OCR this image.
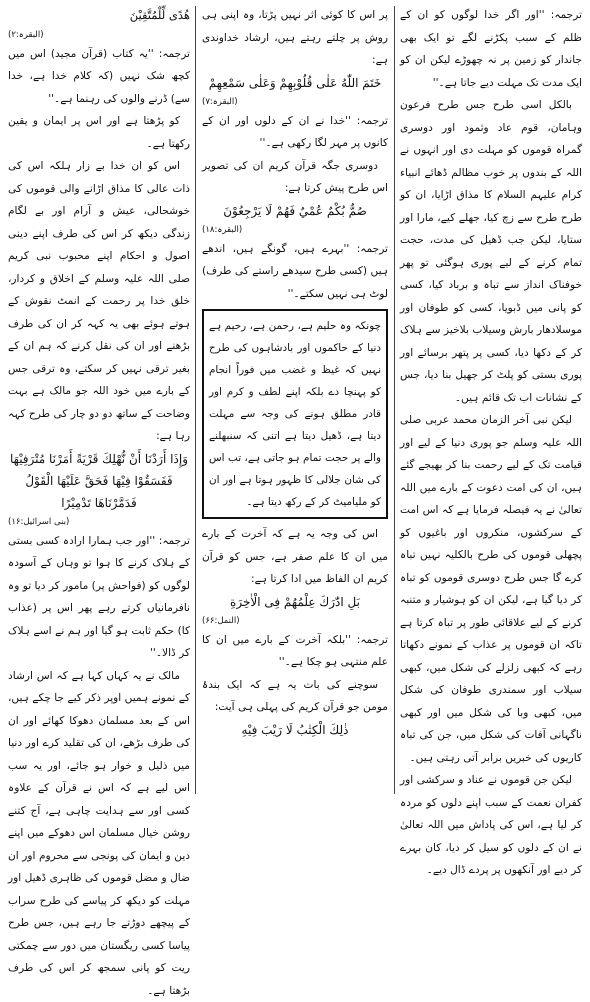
ترجمہ: ''اور اگر خدا لوگوں کو ان کے ظلم کے سبب پکڑنے لگے تو ایک بھی جاندار کو زمین پر نہ چھوڑے لیکن ان کو ایک مدت تک مہلت دیے جاتا ہے۔''

بالکل اسی طرح جس طرح فرعون وہامان، قوم عاد وثمود اور دوسری گمراہ قوموں کو مہلت دی اور انہوں نے اللہ کے بندوں پر خوب مظالم ڈھائے انبیاء کرام علیہم السلام کا مذاق اڑایا، ان کو طرح طرح سے زچ کیا، جھلے کیے، مارا اور ستایا، لیکن جب ڈھیل کی مدت، حجت تمام کرنے کے لیے پوری ہوگئی تو پھر خوفناک انداز سے تباہ و برباد کیا، کسی کو پانی میں ڈبویا، کسی کو طوفان اور موسلادھار بارش وسیلاب بلاخیز سے ہلاک کر کے دکھا دیا، کسی پر پتھر برسائے اور پوری بستی کو پلٹ کر جھیل بنا دیا، جس کے نشانات اب تک قائم ہیں۔

لیکن نبی آخر الزمان محمد عربی صلی اللہ علیہ وسلم جو پوری دنیا کے لیے اور قیامت تک کے لیے رحمت بنا کر بھیجے گئے ہیں، ان کی امت دعوت کے بارے میں اللہ تعالیٰ نے یہ فیصلہ فرمایا ہے کہ اس امت کے سرکشوں، منکروں اور باغیوں کو پچھلی قوموں کی طرح بالکلیہ نہیں تباہ کرے گا جس طرح دوسری قوموں کو تباہ کر دیا گیا ہے، لیکن ان کو ہوشیار و متنبہ کرنے کے لیے علاقائی طور پر تباہ کرتا ہے تاکہ ان قوموں پر عذاب کے نمونے دکھاتا رہے کہ کبھی زلزلے کی شکل میں، کبھی سیلاب اور سمندری طوفان کی شکل میں، کبھی وبا کی شکل میں اور کبھی ناگہانی آفات کی شکل میں، جن کی تباہ کاریوں کی خبریں برابر آتی رہتی ہیں۔

لیکن جن قوموں نے عناد و سرکشی اور کفران نعمت کے سبب اپنے دلوں کو مردہ کر لیا ہے، اس کی پاداش میں اللہ تعالیٰ نے ان کے دلوں کو سیل کر دیا، کان بہرے کر دیے اور آنکھوں پر پردے ڈال دیے۔

پر اس کا کوئی اثر نہیں پڑتا، وہ اپنی ہی روش پر چلتے رہتے ہیں، ارشاد خداوندی ہے:

خَتَمَ اللّٰهُ عَلٰى قُلُوْبِهِمْ وَعَلٰى سَمْعِهِمْ

(البقرہ:۷)

ترجمہ: ''خدا نے ان کے دلوں اور ان کے کانوں پر مہر لگا رکھی ہے۔''

دوسری جگہ قرآن کریم ان کی تصویر اس طرح پیش کرتا ہے:

صُمٌّ بُكْمٌ عُمْيٌ فَهُمْ لَا يَرْجِعُوْنَ

(البقرہ:۱۸)

ترجمہ: ''بہرے ہیں، گونگے ہیں، اندھے ہیں (کسی طرح سیدھے راستے کی طرف) لوٹ ہی نہیں سکتے۔''

چونکہ وہ حلیم ہے، رحمن ہے، رحیم ہے دنیا کے حاکموں اور بادشاہوں کی طرح نہیں کہ غیظ و غضب میں فوراً انجام کو پہنچا دے بلکہ اپنے لطف و کرم اور قادر مطلق ہونے کی وجہ سے مہلت دیتا ہے، ڈھیل دیتا ہے اتنی کہ سنبھلنے والے پر حجت تمام ہو جاتی ہے، تب اس کی شان جلالی کا ظہور ہوتا ہے اور ان کو ملیامیٹ کر کے رکھ دیتا ہے۔

اس کی وجہ یہ ہے کہ آخرت کے بارے میں ان کا علم صفر ہے، جس کو قرآن کریم ان الفاظ میں ادا کرتا ہے:

بَلِ ادّٰرَكَ عِلْمُهُمْ فِى الْاٰخِرَةِ

(النمل:۶۶)

ترجمہ: ''بلکہ آخرت کے بارے میں ان کا علم منتہی ہو چکا ہے۔''

سوچنے کی بات یہ ہے کہ ایک بندۂ مومن جو قرآن کریم کی پہلی ہی آیت:

ذٰلِكَ الْكِتٰبُ لَا رَيْبَ فِيْهِ

هُدًى لِّلْمُتَّقِيْنَ

(البقرہ:۲)

ترجمہ: ''یہ کتاب (قرآن مجید) اس میں کچھ شک نہیں (کہ کلام خدا ہے، خدا سے) ڈرنے والوں کی رہنما ہے۔''

کو پڑھتا ہے اور اس پر ایمان و یقین رکھتا ہے۔

اس کو ان خدا بے زار ہلکہ اس کی ذات عالی کا مذاق اڑانے والی قوموں کی خوشحالی، عیش و آرام اور بے لگام زندگی دیکھ کر اس کی طرف اپنے دینی اصول و احکام اپنے محبوب نبی کریم صلی اللہ علیہ وسلم کے اخلاق و کردار، خلق خدا پر رحمت کے انمٹ نقوش کے ہوتے ہوئے بھی یہ کہہ کر ان کی طرف بڑھنے اور ان کی نقل کرنے کہ ہم ان کے بغیر ترقی نہیں کر سکتے، وہ ترقی جس کے بارے میں خود اللہ جو مالک ہے بہت وضاحت کے ساتھ دو دو چار کی طرح کہہ رہا ہے:

وَإِذَا أَرَدْنَا أَنْ نُّهْلِكَ قَرْيَةً أَمَرْنَا مُتْرَفِيْهَا فَفَسَقُوْا فِيْهَا فَحَقَّ عَلَيْهَا الْقَوْلُ فَدَمَّرْنَاهَا تَدْمِيْرًا

(بنی اسرائیل:۱۶)

ترجمہ: ''اور جب ہمارا ارادہ کسی بستی کے ہلاک کرنے کا ہوا تو وہاں کے آسودہ لوگوں کو (فواحش پر) مامور کر دیا تو وہ نافرمانیاں کرتے رہے پھر اس پر (عذاب کا) حکم ثابت ہو گیا اور ہم نے اسے ہلاک کر ڈالا۔''

مالک نے یہ کہاں کہا ہے کہ اس ارشاد کے نمونے ہمیں اوپر ذکر کیے جا چکے ہیں، اس کے بعد مسلمان دھوکا کھائے اور ان کی طرف بڑھے، ان کی تقلید کرے اور دنیا میں ذلیل و خوار ہو جائے، اور یہ سب اس لیے ہے کہ اس نے قرآن کے علاوہ کسی اور سے ہدایت چاہی ہے، آج کتنے روشن خیال مسلمان اس دھوکے میں اپنے دین و ایمان کی پونجی سے محروم اور ان ضال و مضل قوموں کی ظاہری ڈھیل اور مہلت کو دیکھ کر پیاسے کی طرح سراب کے پیچھے دوڑتے جا رہے ہیں، جس طرح پیاسا کسی ریگستان میں دور سے چمکتی ریت کو پانی سمجھ کر اس کی طرف بڑھتا ہے۔
